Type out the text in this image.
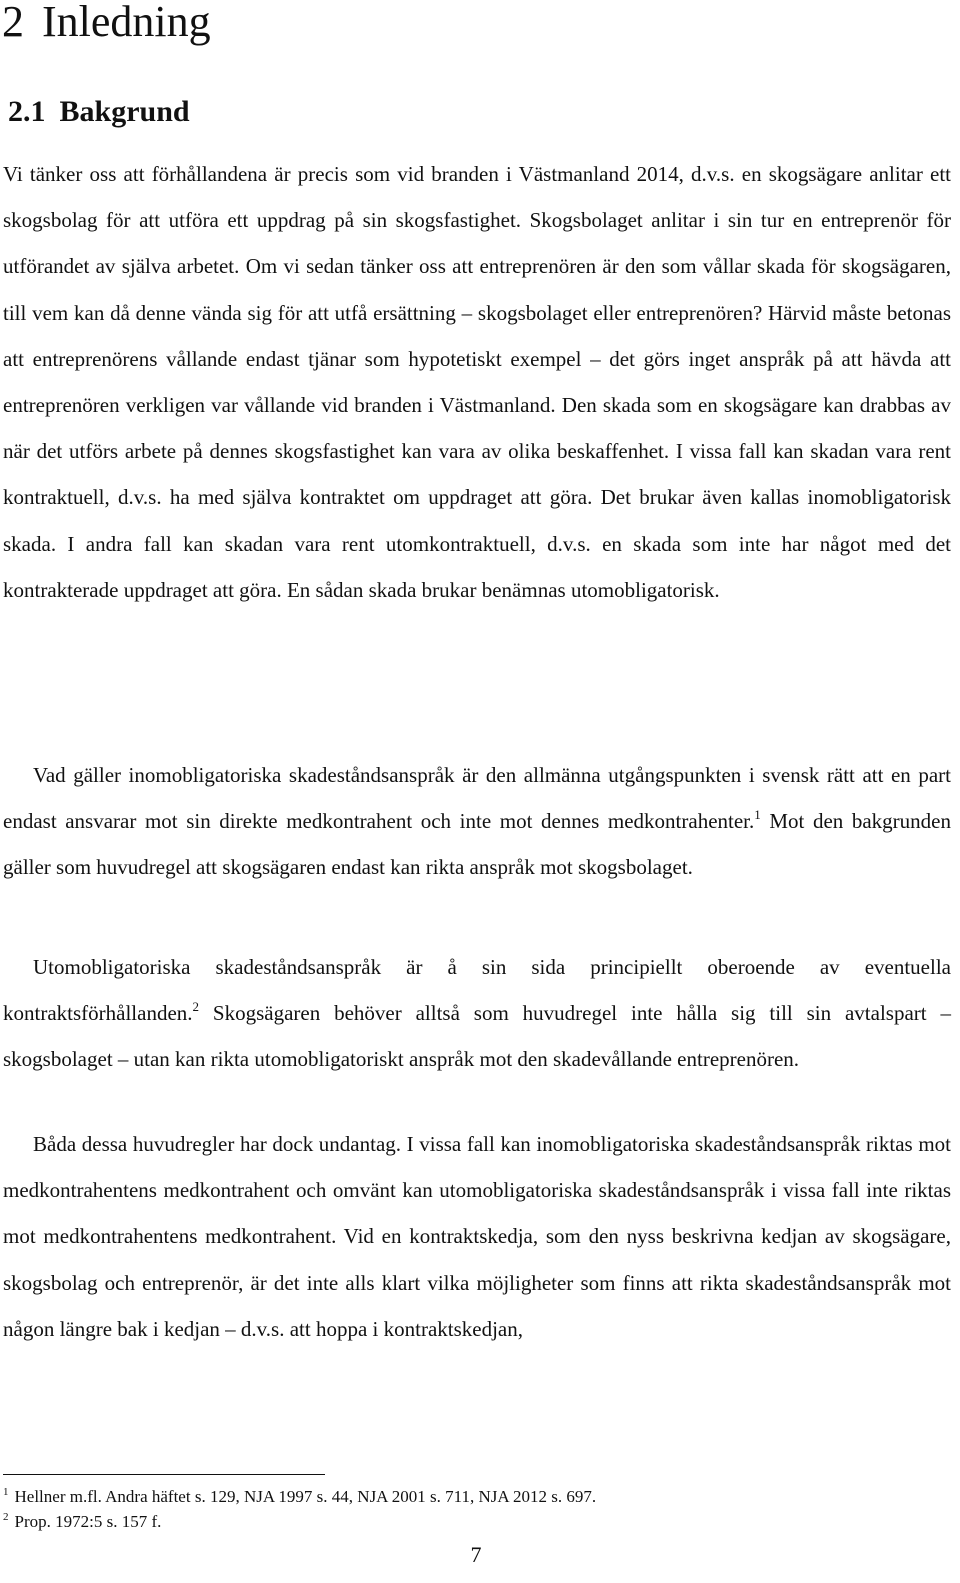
2 Inledning
2.1 Bakgrund

Vi tänker oss att förhållandena är precis som vid branden i Västmanland 2014, d.v.s. en skogsägare anlitar ett skogsbolag för att utföra ett uppdrag på sin skogsfastighet. Skogsbolaget anlitar i sin tur en entreprenör för utförandet av själva arbetet. Om vi sedan tänker oss att entreprenören är den som vållar skada för skogsägaren, till vem kan då denne vända sig för att utfå ersättning – skogsbolaget eller entreprenören? Härvid måste betonas att entreprenörens vållande endast tjänar som hypotetiskt exempel – det görs inget anspråk på att hävda att entreprenören verkligen var vållande vid branden i Västmanland. Den skada som en skogsägare kan drabbas av när det utförs arbete på dennes skogsfastighet kan vara av olika beskaffenhet. I vissa fall kan skadan vara rent kontraktuell, d.v.s. ha med själva kontraktet om uppdraget att göra. Det brukar även kallas inomobligatorisk skada. I andra fall kan skadan vara rent utomkontraktuell, d.v.s. en skada som inte har något med det kontrakterade uppdraget att göra. En sådan skada brukar benämnas utomobligatorisk.

Vad gäller inomobligatoriska skadeståndsanspråk är den allmänna utgångspunkten i svensk rätt att en part endast ansvarar mot sin direkte medkontrahent och inte mot dennes medkontrahenter.$^1$ Mot den bakgrunden gäller som huvudregel att skogsägaren endast kan rikta anspråk mot skogsbolaget.

Utomobligatoriska skadeståndsanspråk är å sin sida principiellt oberoende av eventuella kontraktsförhållanden.$^2$ Skogsägaren behöver alltså som huvudregel inte hålla sig till sin avtalspart – skogsbolaget – utan kan rikta utomobligatoriskt anspråk mot den skadevållande entreprenören.

Båda dessa huvudregler har dock undantag. I vissa fall kan inomobligatoriska skadeståndsanspråk riktas mot medkontrahentens medkontrahent och omvänt kan utomobligatoriska skadeståndsanspråk i vissa fall inte riktas mot medkontrahentens medkontrahent. Vid en kontraktskedja, som den nyss beskrivna kedjan av skogsägare, skogsbolag och entreprenör, är det inte alls klart vilka möjligheter som finns att rikta skadeståndsanspråk mot någon längre bak i kedjan – d.v.s. att hoppa i kontraktskedjan,

$^1$ Hellner m.fl. Andra häftet s. 129, NJA 1997 s. 44, NJA 2001 s. 711, NJA 2012 s. 697.
$^2$ Prop. 1972:5 s. 157 f.
7
